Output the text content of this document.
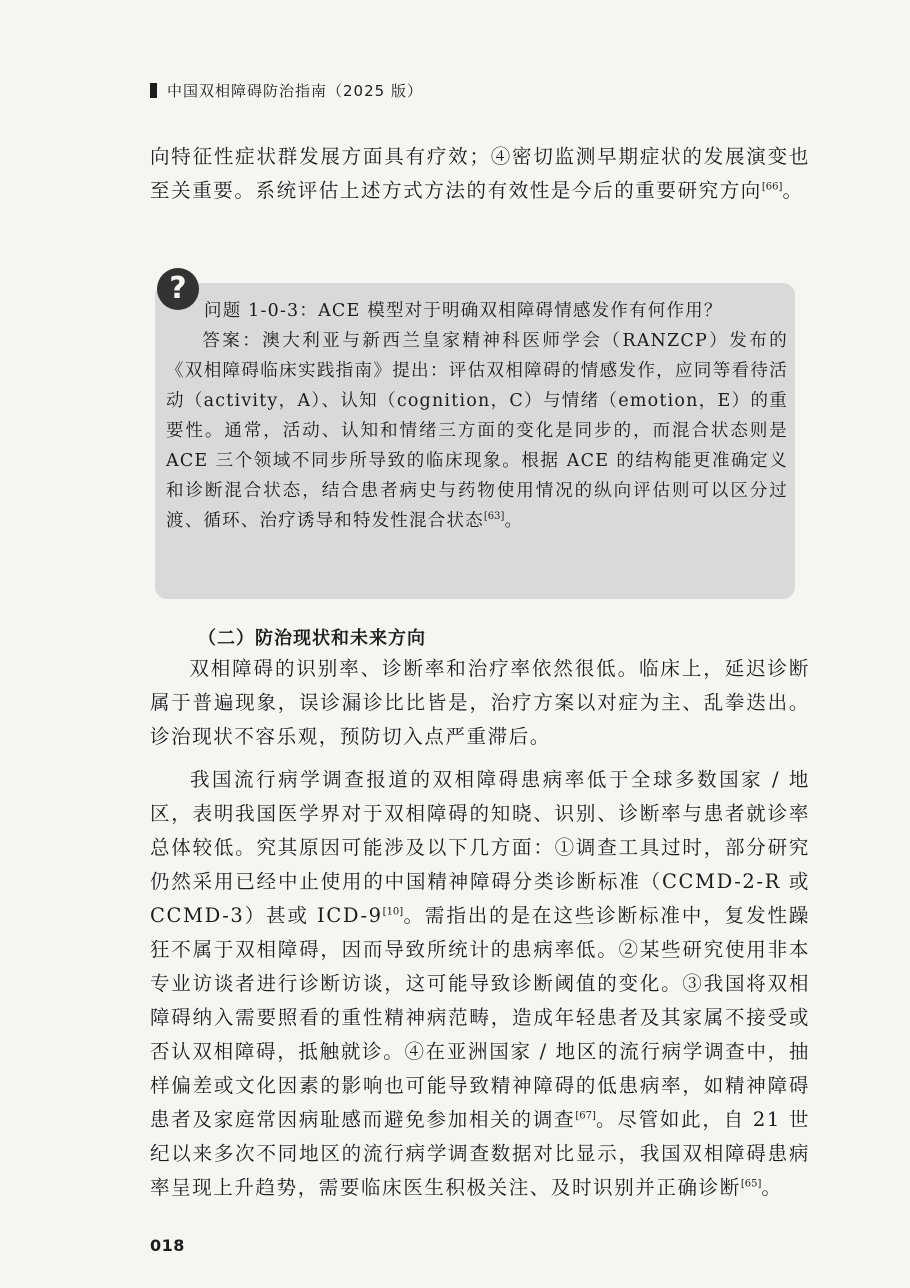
中国双相障碍防治指南（2025 版）

向特征性症状群发展方面具有疗效；④密切监测早期症状的发展演变也至关重要。系统评估上述方式方法的有效性是今后的重要研究方向[66]。

?
问题 1-0-3：ACE 模型对于明确双相障碍情感发作有何作用？
答案：澳大利亚与新西兰皇家精神科医师学会（RANZCP）发布的《双相障碍临床实践指南》提出：评估双相障碍的情感发作，应同等看待活动（activity，A）、认知（cognition，C）与情绪（emotion，E）的重要性。通常，活动、认知和情绪三方面的变化是同步的，而混合状态则是 ACE 三个领域不同步所导致的临床现象。根据 ACE 的结构能更准确定义和诊断混合状态，结合患者病史与药物使用情况的纵向评估则可以区分过渡、循环、治疗诱导和特发性混合状态[63]。
（二）防治现状和未来方向

双相障碍的识别率、诊断率和治疗率依然很低。临床上，延迟诊断属于普遍现象，误诊漏诊比比皆是，治疗方案以对症为主、乱拳迭出。诊治现状不容乐观，预防切入点严重滞后。

我国流行病学调查报道的双相障碍患病率低于全球多数国家 / 地区，表明我国医学界对于双相障碍的知晓、识别、诊断率与患者就诊率总体较低。究其原因可能涉及以下几方面：①调查工具过时，部分研究仍然采用已经中止使用的中国精神障碍分类诊断标准（CCMD-2-R 或 CCMD-3）甚或 ICD-9[10]。需指出的是在这些诊断标准中，复发性躁狂不属于双相障碍，因而导致所统计的患病率低。②某些研究使用非本专业访谈者进行诊断访谈，这可能导致诊断阈值的变化。③我国将双相障碍纳入需要照看的重性精神病范畴，造成年轻患者及其家属不接受或否认双相障碍，抵触就诊。④在亚洲国家 / 地区的流行病学调查中，抽样偏差或文化因素的影响也可能导致精神障碍的低患病率，如精神障碍患者及家庭常因病耻感而避免参加相关的调查[67]。尽管如此，自 21 世纪以来多次不同地区的流行病学调查数据对比显示，我国双相障碍患病率呈现上升趋势，需要临床医生积极关注、及时识别并正确诊断[65]。

018
